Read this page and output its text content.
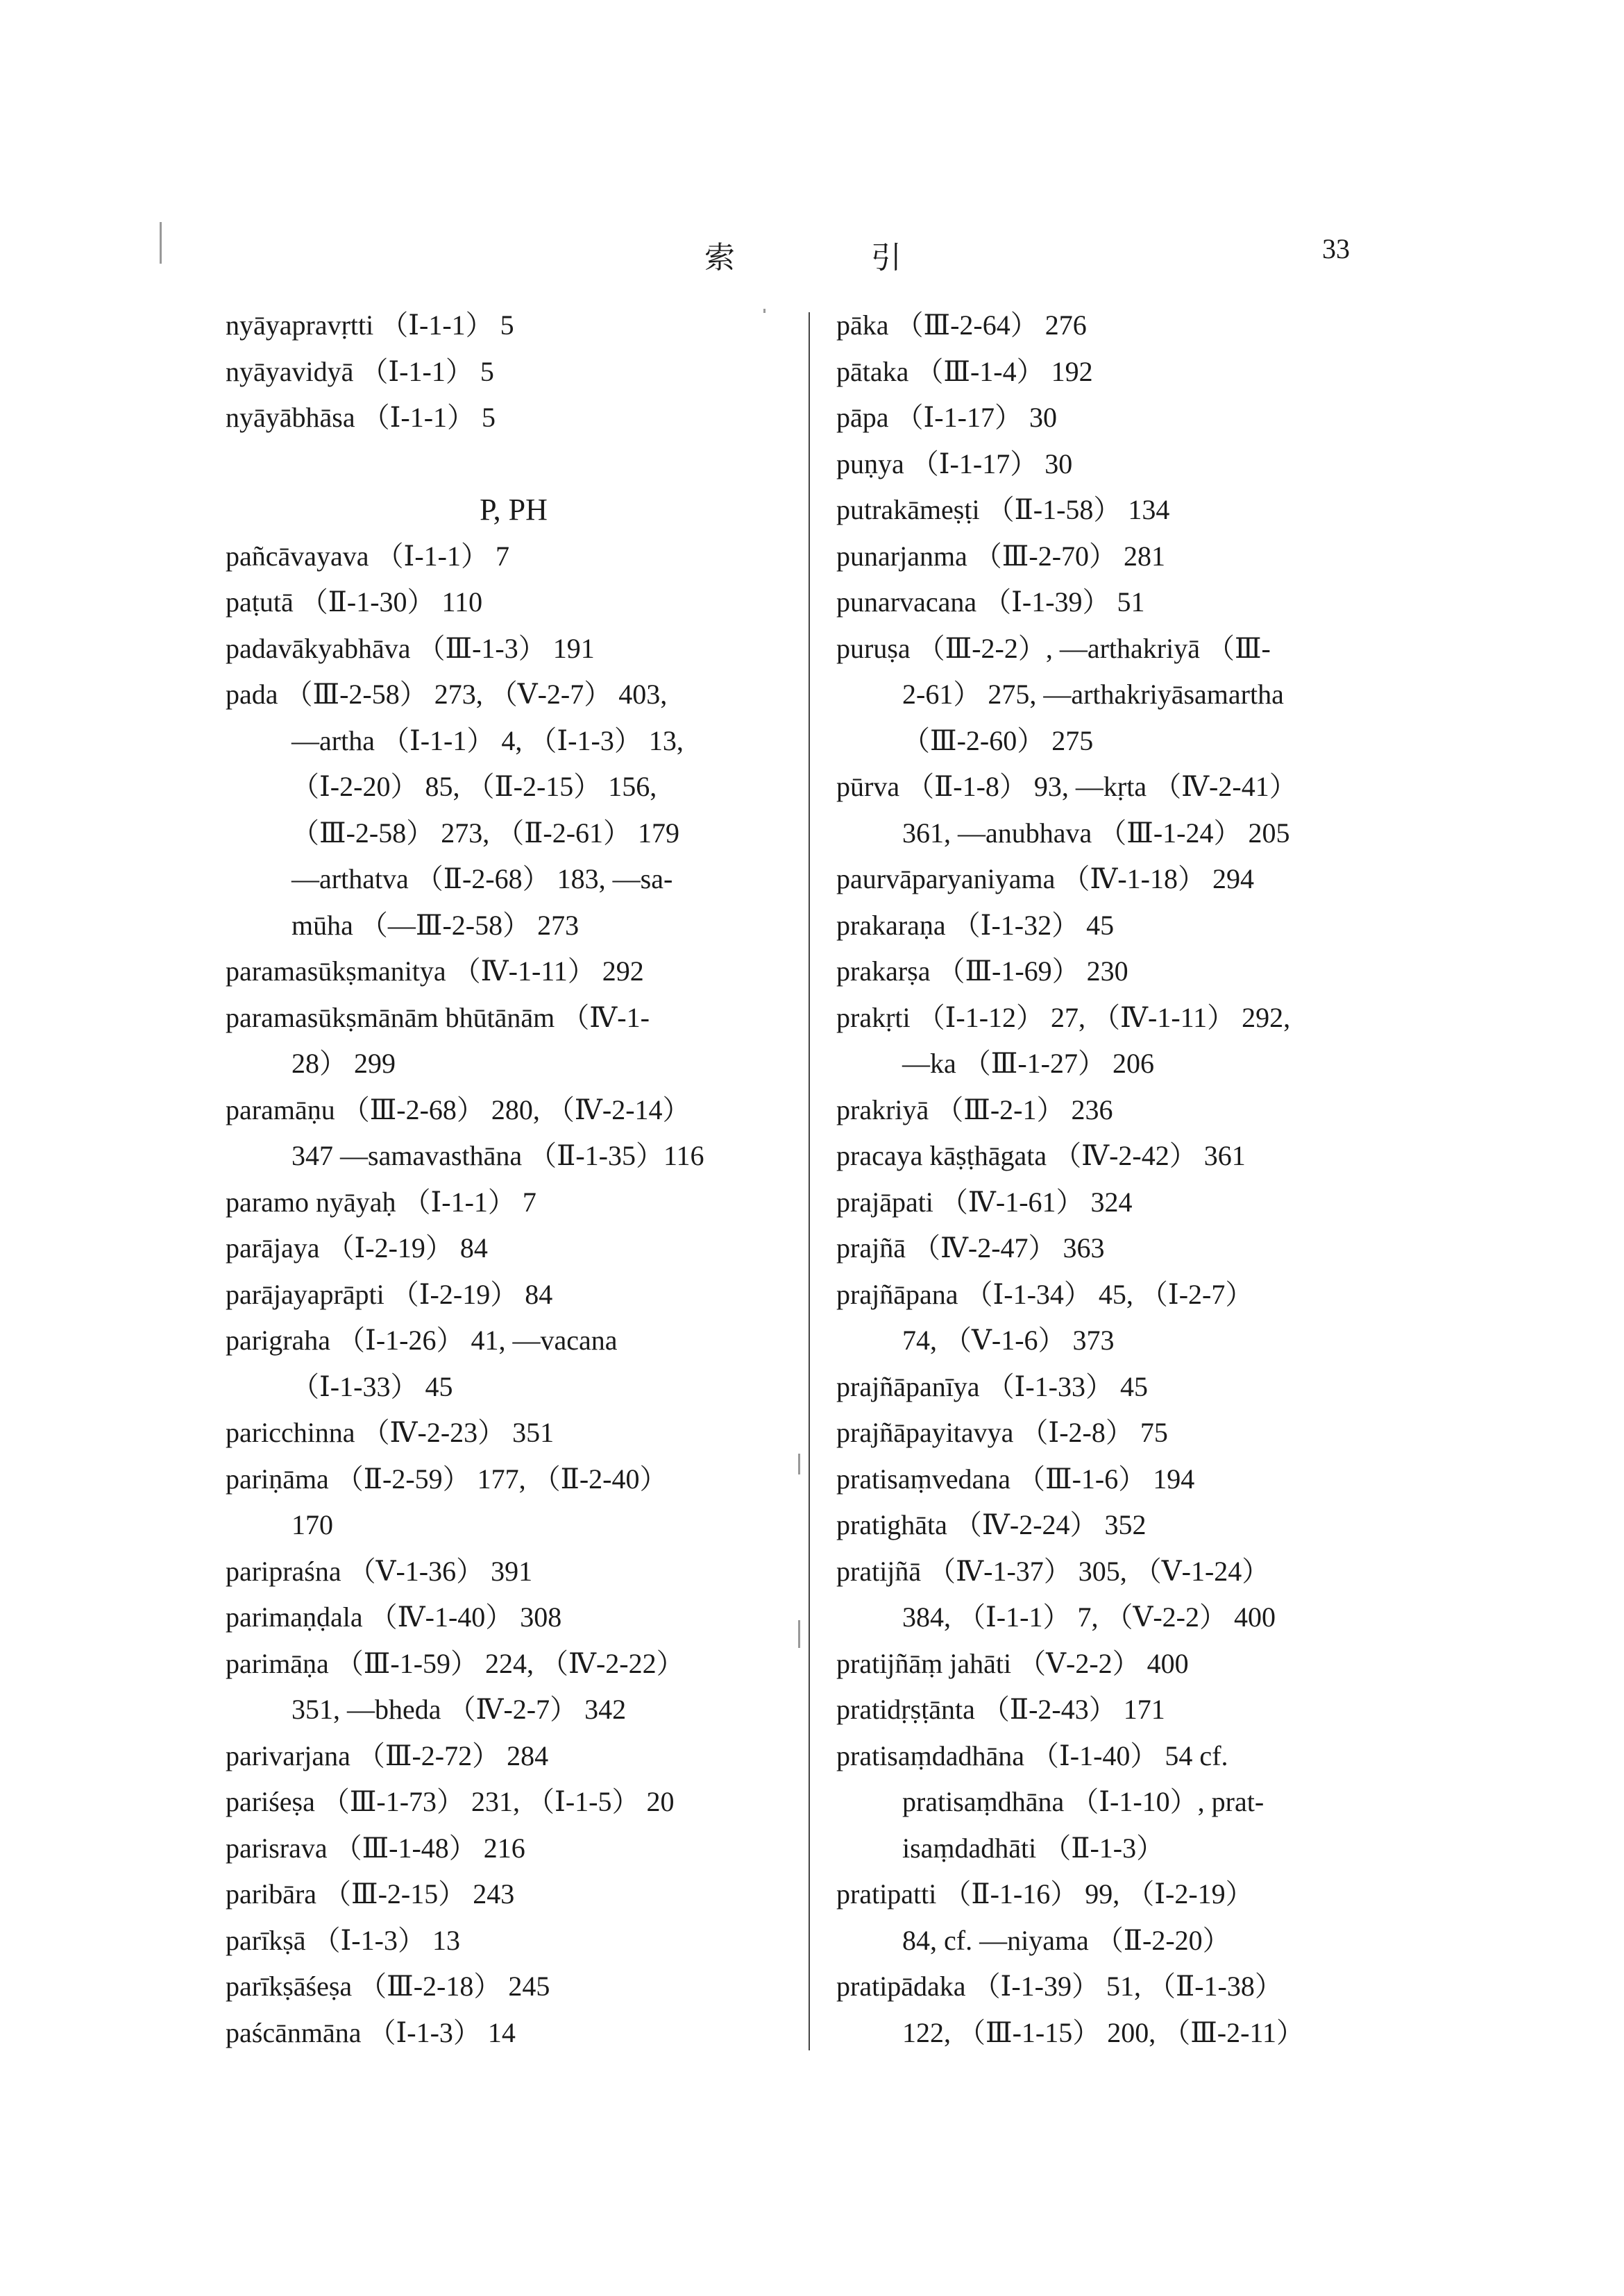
索	引	33
nyāyapravṛtti （Ⅰ-1-1） 5
nyāyavidyā （Ⅰ-1-1） 5
nyāyābhāsa （Ⅰ-1-1） 5
P, PH
pañcāvayava （Ⅰ-1-1） 7
paṭutā （Ⅱ-1-30） 110
padavākyabhāva （Ⅲ-1-3） 191
pada （Ⅲ-2-58） 273, （Ⅴ-2-7） 403,
—artha （Ⅰ-1-1） 4, （Ⅰ-1-3） 13,
（Ⅰ-2-20） 85, （Ⅱ-2-15） 156,
（Ⅲ-2-58） 273, （Ⅱ-2-61） 179
—arthatva （Ⅱ-2-68） 183, —sa-
mūha （—Ⅲ-2-58） 273
paramasūkṣmanitya （Ⅳ-1-11） 292
paramasūkṣmānām bhūtānām （Ⅳ-1-
28） 299
paramāṇu （Ⅲ-2-68） 280, （Ⅳ-2-14）
347 —samavasthāna （Ⅱ-1-35）116
paramo nyāyaḥ （Ⅰ-1-1） 7
parājaya （Ⅰ-2-19） 84
parājayaprāpti （Ⅰ-2-19） 84
parigraha （Ⅰ-1-26） 41, —vacana
（Ⅰ-1-33） 45
paricchinna （Ⅳ-2-23） 351
pariṇāma （Ⅱ-2-59） 177, （Ⅱ-2-40）
170
paripraśna （Ⅴ-1-36） 391
parimaṇḍala （Ⅳ-1-40） 308
parimāṇa （Ⅲ-1-59） 224, （Ⅳ-2-22）
351, —bheda （Ⅳ-2-7） 342
parivarjana （Ⅲ-2-72） 284
pariśeṣa （Ⅲ-1-73） 231, （Ⅰ-1-5） 20
parisrava （Ⅲ-1-48） 216
paribāra （Ⅲ-2-15） 243
parīkṣā （Ⅰ-1-3） 13
parīkṣāśeṣa （Ⅲ-2-18） 245
paścānmāna （Ⅰ-1-3） 14
pāka （Ⅲ-2-64） 276
pātaka （Ⅲ-1-4） 192
pāpa （Ⅰ-1-17） 30
puṇya （Ⅰ-1-17） 30
putrakāmeṣṭi （Ⅱ-1-58） 134
punarjanma （Ⅲ-2-70） 281
punarvacana （Ⅰ-1-39） 51
puruṣa （Ⅲ-2-2）, —arthakriyā （Ⅲ-
2-61） 275, —arthakriyāsamartha
（Ⅲ-2-60） 275
pūrva （Ⅱ-1-8） 93, —kṛta （Ⅳ-2-41）
361, —anubhava （Ⅲ-1-24） 205
paurvāparyaniyama （Ⅳ-1-18） 294
prakaraṇa （Ⅰ-1-32） 45
prakarṣa （Ⅲ-1-69） 230
prakṛti （Ⅰ-1-12） 27, （Ⅳ-1-11） 292,
—ka （Ⅲ-1-27） 206
prakriyā （Ⅲ-2-1） 236
pracaya kāṣṭhāgata （Ⅳ-2-42） 361
prajāpati （Ⅳ-1-61） 324
prajñā （Ⅳ-2-47） 363
prajñāpana （Ⅰ-1-34） 45, （Ⅰ-2-7）
74, （Ⅴ-1-6） 373
prajñāpanīya （Ⅰ-1-33） 45
prajñāpayitavya （Ⅰ-2-8） 75
pratisaṃvedana （Ⅲ-1-6） 194
pratighāta （Ⅳ-2-24） 352
pratijñā （Ⅳ-1-37） 305, （Ⅴ-1-24）
384, （Ⅰ-1-1） 7, （Ⅴ-2-2） 400
pratijñāṃ jahāti （Ⅴ-2-2） 400
pratidṛṣṭānta （Ⅱ-2-43） 171
pratisaṃdadhāna （Ⅰ-1-40） 54 cf.
pratisaṃdhāna （Ⅰ-1-10）, prat-
isaṃdadhāti （Ⅱ-1-3）
pratipatti （Ⅱ-1-16） 99, （Ⅰ-2-19）
84, cf. —niyama （Ⅱ-2-20）
pratipādaka （Ⅰ-1-39） 51, （Ⅱ-1-38）
122, （Ⅲ-1-15） 200, （Ⅲ-2-11）
